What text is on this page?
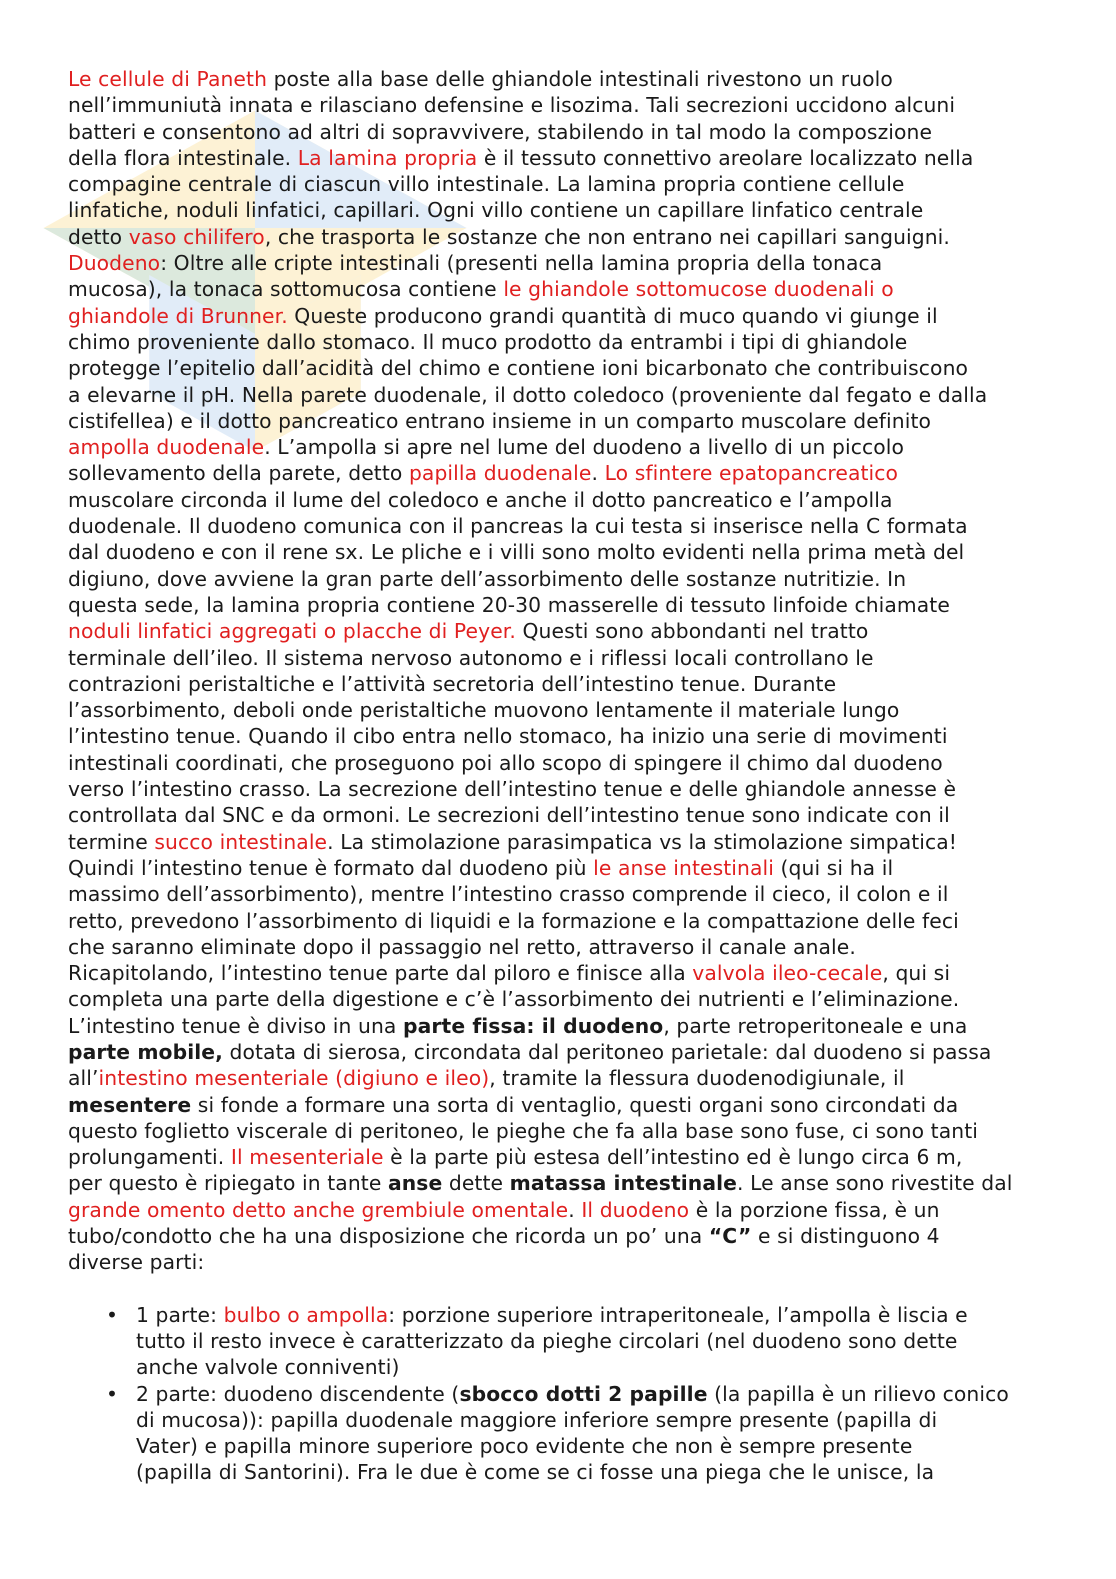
Le cellule di Paneth poste alla base delle ghiandole intestinali rivestono un ruolo
nell’immuniutà innata e rilasciano defensine e lisozima. Tali secrezioni uccidono alcuni
batteri e consentono ad altri di sopravvivere, stabilendo in tal modo la composzione
della flora intestinale. La lamina propria è il tessuto connettivo areolare localizzato nella
compagine centrale di ciascun villo intestinale. La lamina propria contiene cellule
linfatiche, noduli linfatici, capillari. Ogni villo contiene un capillare linfatico centrale
detto vaso chilifero, che trasporta le sostanze che non entrano nei capillari sanguigni.
Duodeno: Oltre alle cripte intestinali (presenti nella lamina propria della tonaca
mucosa), la tonaca sottomucosa contiene le ghiandole sottomucose duodenali o
ghiandole di Brunner. Queste producono grandi quantità di muco quando vi giunge il
chimo proveniente dallo stomaco. Il muco prodotto da entrambi i tipi di ghiandole
protegge l’epitelio dall’acidità del chimo e contiene ioni bicarbonato che contribuiscono
a elevarne il pH. Nella parete duodenale, il dotto coledoco (proveniente dal fegato e dalla
cistifellea) e il dotto pancreatico entrano insieme in un comparto muscolare definito
ampolla duodenale. L’ampolla si apre nel lume del duodeno a livello di un piccolo
sollevamento della parete, detto papilla duodenale. Lo sfintere epatopancreatico
muscolare circonda il lume del coledoco e anche il dotto pancreatico e l’ampolla
duodenale. Il duodeno comunica con il pancreas la cui testa si inserisce nella C formata
dal duodeno e con il rene sx. Le pliche e i villi sono molto evidenti nella prima metà del
digiuno, dove avviene la gran parte dell’assorbimento delle sostanze nutritizie. In
questa sede, la lamina propria contiene 20-30 masserelle di tessuto linfoide chiamate
noduli linfatici aggregati o placche di Peyer. Questi sono abbondanti nel tratto
terminale dell’ileo. Il sistema nervoso autonomo e i riflessi locali controllano le
contrazioni peristaltiche e l’attività secretoria dell’intestino tenue. Durante
l’assorbimento, deboli onde peristaltiche muovono lentamente il materiale lungo
l’intestino tenue. Quando il cibo entra nello stomaco, ha inizio una serie di movimenti
intestinali coordinati, che proseguono poi allo scopo di spingere il chimo dal duodeno
verso l’intestino crasso. La secrezione dell’intestino tenue e delle ghiandole annesse è
controllata dal SNC e da ormoni. Le secrezioni dell’intestino tenue sono indicate con il
termine succo intestinale. La stimolazione parasimpatica vs la stimolazione simpatica!
Quindi l’intestino tenue è formato dal duodeno più le anse intestinali (qui si ha il
massimo dell’assorbimento), mentre l’intestino crasso comprende il cieco, il colon e il
retto, prevedono l’assorbimento di liquidi e la formazione e la compattazione delle feci
che saranno eliminate dopo il passaggio nel retto, attraverso il canale anale.
Ricapitolando, l’intestino tenue parte dal piloro e finisce alla valvola ileo-cecale, qui si
completa una parte della digestione e c’è l’assorbimento dei nutrienti e l’eliminazione.
L’intestino tenue è diviso in una parte fissa: il duodeno, parte retroperitoneale e una
parte mobile, dotata di sierosa, circondata dal peritoneo parietale: dal duodeno si passa
all’intestino mesenteriale (digiuno e ileo), tramite la flessura duodenodigiunale, il
mesentere si fonde a formare una sorta di ventaglio, questi organi sono circondati da
questo foglietto viscerale di peritoneo, le pieghe che fa alla base sono fuse, ci sono tanti
prolungamenti. Il mesenteriale è la parte più estesa dell’intestino ed è lungo circa 6 m,
per questo è ripiegato in tante anse dette matassa intestinale. Le anse sono rivestite dal
grande omento detto anche grembiule omentale. Il duodeno è la porzione fissa, è un
tubo/condotto che ha una disposizione che ricorda un po’ una “C” e si distinguono 4
diverse parti:
• 1 parte: bulbo o ampolla: porzione superiore intraperitoneale, l’ampolla è liscia e
tutto il resto invece è caratterizzato da pieghe circolari (nel duodeno sono dette
anche valvole conniventi)
• 2 parte: duodeno discendente (sbocco dotti 2 papille (la papilla è un rilievo conico
di mucosa)): papilla duodenale maggiore inferiore sempre presente (papilla di
Vater) e papilla minore superiore poco evidente che non è sempre presente
(papilla di Santorini). Fra le due è come se ci fosse una piega che le unisce, la
